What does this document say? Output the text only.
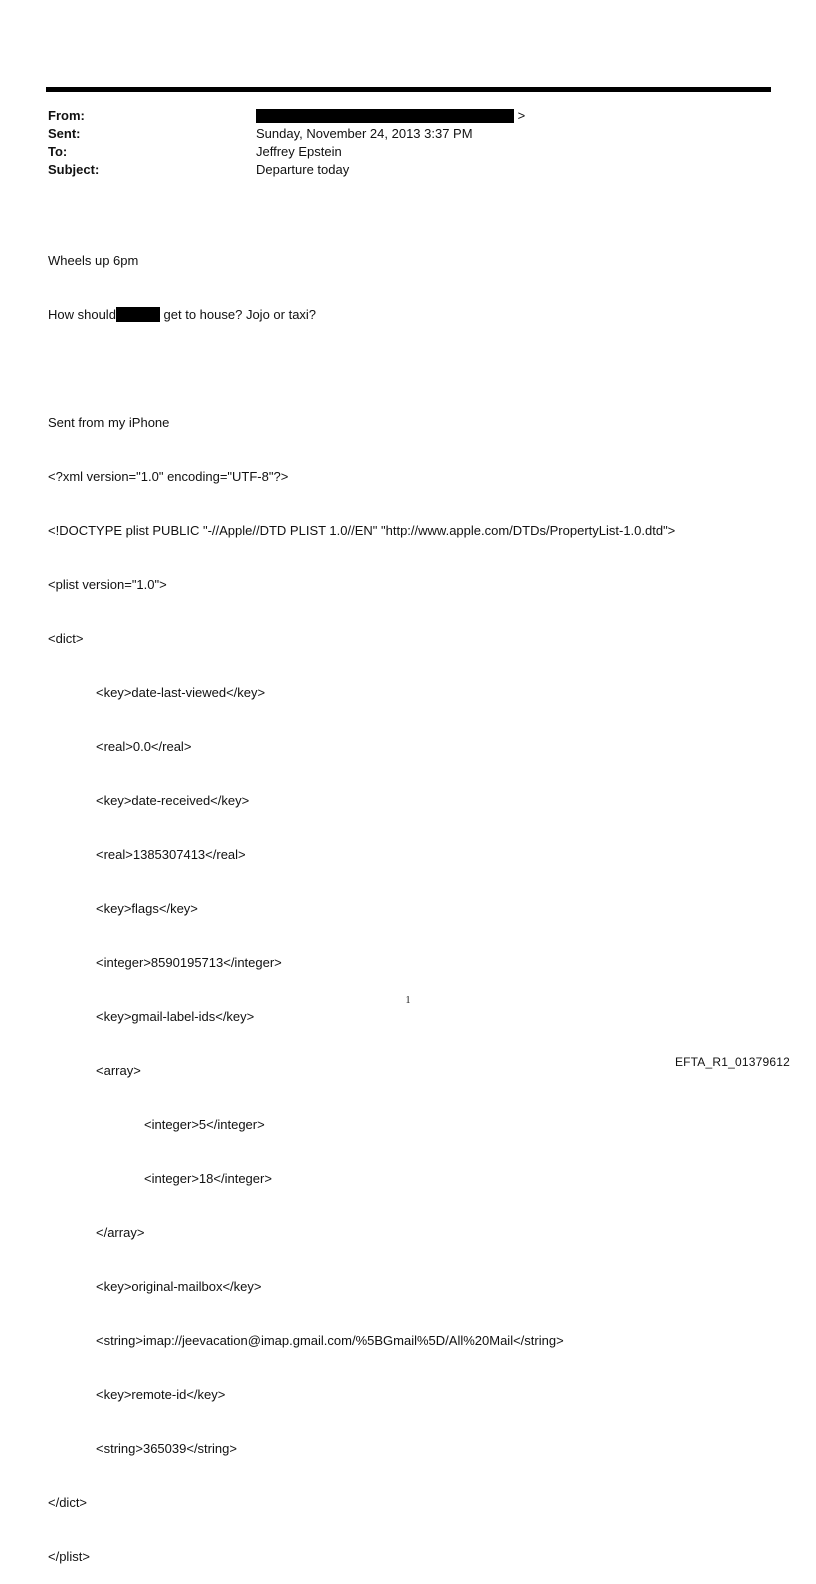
From:	>
Sent:	Sunday, November 24, 2013 3:37 PM
To:	Jeffrey Epstein
Subject:	Departure today

Wheels up 6pm

How should	get to house? Jojo or taxi?

Sent from my iPhone

<?xml version="1.0" encoding="UTF-8"?>

<!DOCTYPE plist PUBLIC "-//Apple//DTD PLIST 1.0//EN" "http://www.apple.com/DTDs/PropertyList-1.0.dtd">

<plist version="1.0">

<dict>

<key>date-last-viewed</key>

<real>0.0</real>

<key>date-received</key>

<real>1385307413</real>

<key>flags</key>

<integer>8590195713</integer>

<key>gmail-label-ids</key>

<array>

<integer>5</integer>

<integer>18</integer>

</array>

<key>original-mailbox</key>

<string>imap://jeevacation@imap.gmail.com/%5BGmail%5D/All%20Mail</string>

<key>remote-id</key>

<string>365039</string>

</dict>

</plist>

1
EFTA_R1_01379612
